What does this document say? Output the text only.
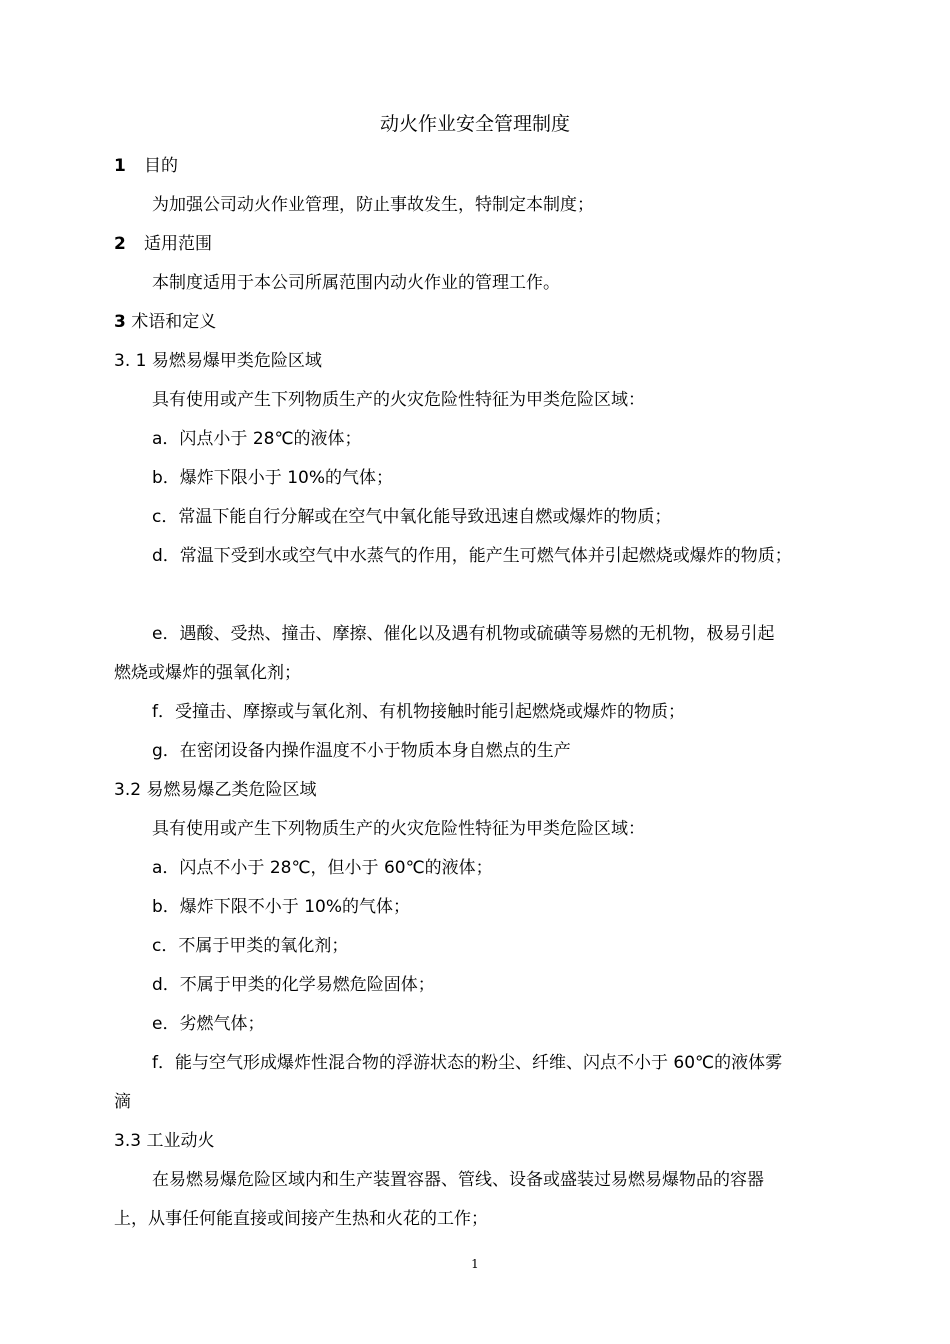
动火作业安全管理制度
1 目的
为加强公司动火作业管理，防止事故发生，特制定本制度；
2 适用范围
本制度适用于本公司所属范围内动火作业的管理工作。
3 术语和定义
3. 1 易燃易爆甲类危险区域
具有使用或产生下列物质生产的火灾危险性特征为甲类危险区域：
a．闪点小于 28℃的液体；
b．爆炸下限小于 10%的气体；
c．常温下能自行分解或在空气中氧化能导致迅速自燃或爆炸的物质；
d．常温下受到水或空气中水蒸气的作用，能产生可燃气体并引起燃烧或爆炸的物质；
e．遇酸、受热、撞击、摩擦、催化以及遇有机物或硫磺等易燃的无机物，极易引起
燃烧或爆炸的强氧化剂；
f．受撞击、摩擦或与氧化剂、有机物接触时能引起燃烧或爆炸的物质；
g．在密闭设备内操作温度不小于物质本身自燃点的生产
3.2 易燃易爆乙类危险区域
具有使用或产生下列物质生产的火灾危险性特征为甲类危险区域：
a．闪点不小于 28℃，但小于 60℃的液体；
b．爆炸下限不小于 10%的气体；
c．不属于甲类的氧化剂；
d．不属于甲类的化学易燃危险固体；
e．劣燃气体；
f．能与空气形成爆炸性混合物的浮游状态的粉尘、纤维、闪点不小于 60℃的液体雾
滴
3.3 工业动火
在易燃易爆危险区域内和生产装置容器、管线、设备或盛装过易燃易爆物品的容器
上，从事任何能直接或间接产生热和火花的工作；
1
